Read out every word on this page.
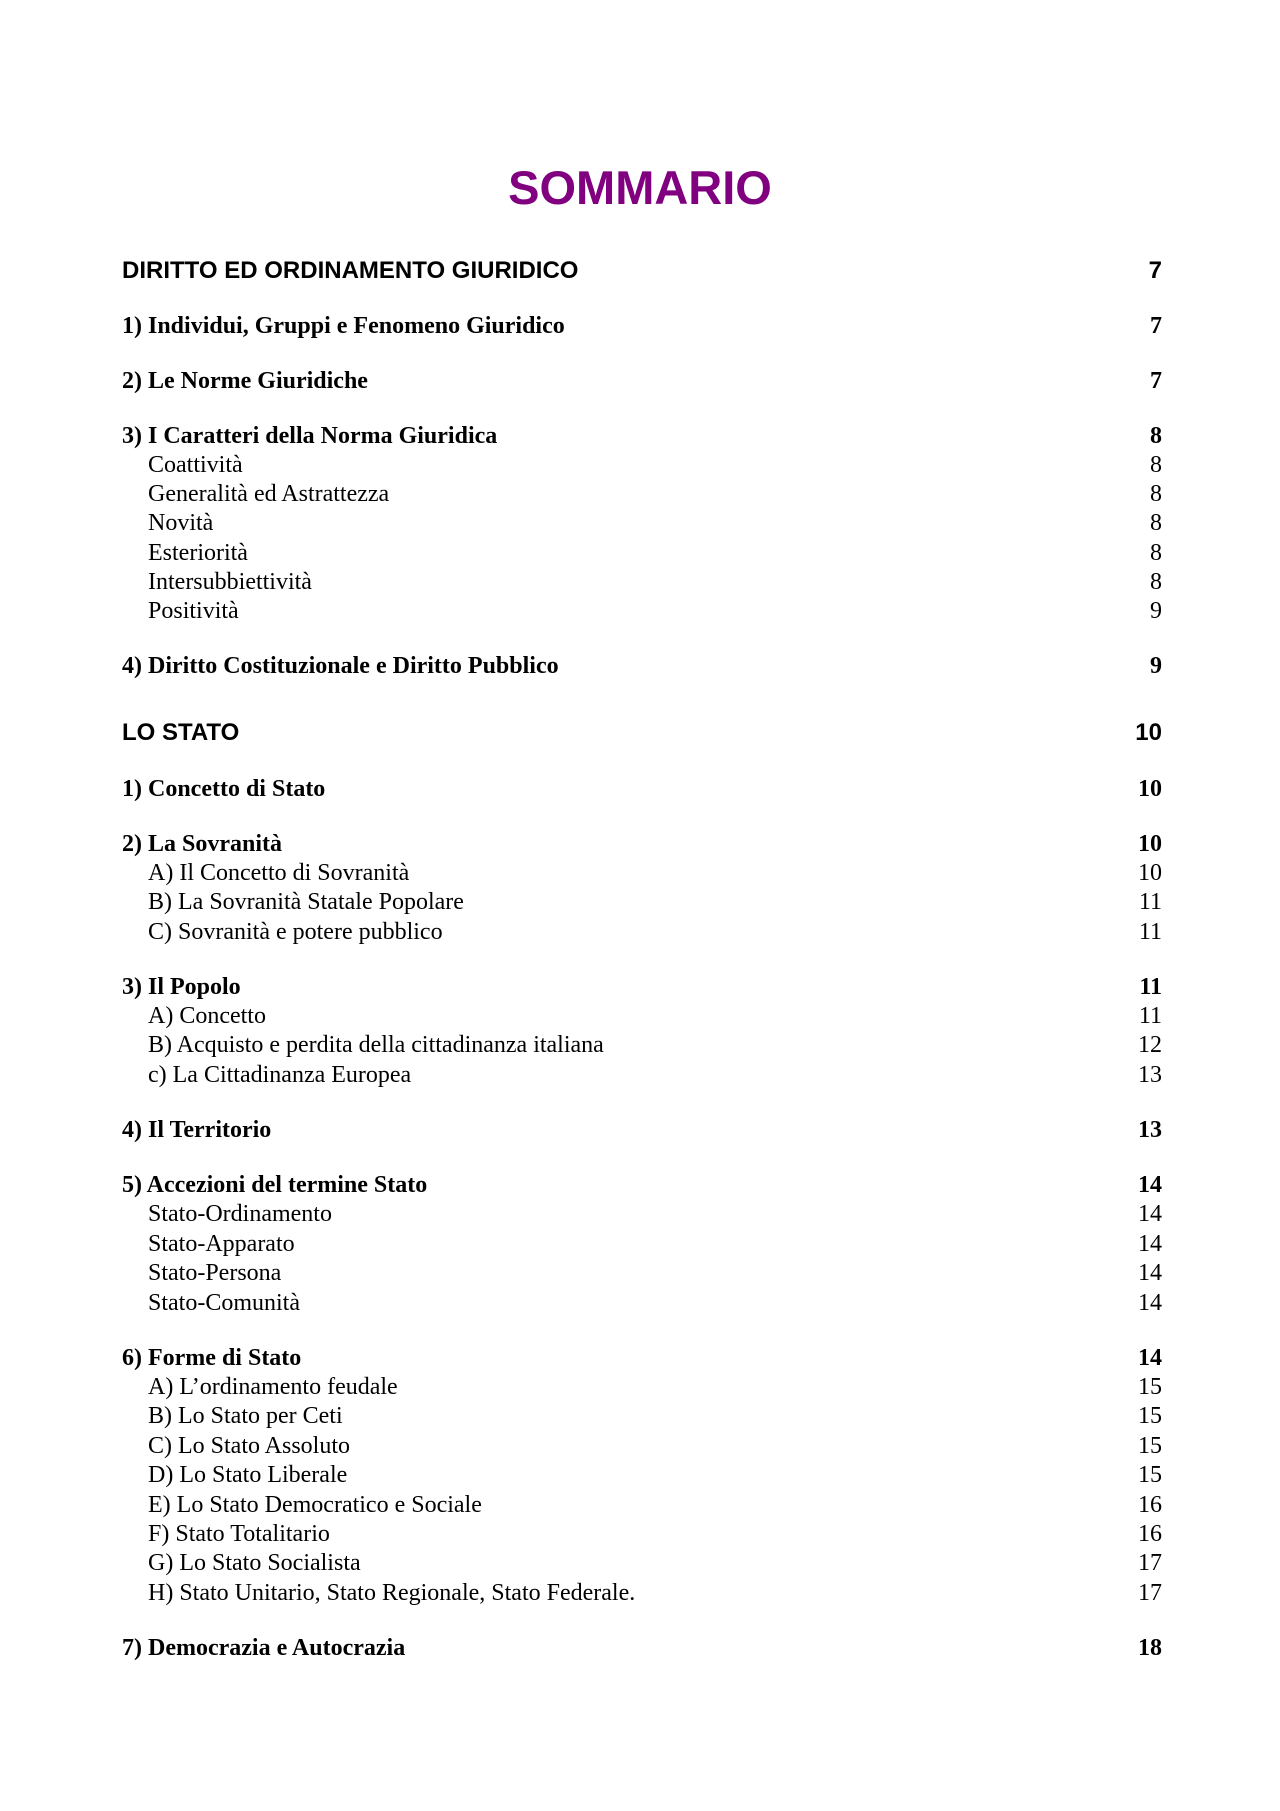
SOMMARIO
DIRITTO ED ORDINAMENTO GIURIDICO	7
1) Individui, Gruppi e Fenomeno Giuridico	7
2) Le Norme Giuridiche	7
3) I Caratteri della Norma Giuridica	8
Coattività	8
Generalità ed Astrattezza	8
Novità	8
Esteriorità	8
Intersubbiettività	8
Positività	9
4) Diritto Costituzionale e Diritto Pubblico	9
LO STATO	10
1) Concetto di Stato	10
2) La Sovranità	10
A) Il Concetto di Sovranità	10
B) La Sovranità Statale Popolare	11
C) Sovranità e potere pubblico	11
3) Il Popolo	11
A) Concetto	11
B) Acquisto e perdita della cittadinanza italiana	12
c) La Cittadinanza Europea	13
4) Il Territorio	13
5) Accezioni del termine Stato	14
Stato-Ordinamento	14
Stato-Apparato	14
Stato-Persona	14
Stato-Comunità	14
6) Forme di Stato	14
A) L’ordinamento feudale	15
B) Lo Stato per Ceti	15
C) Lo Stato Assoluto	15
D) Lo Stato Liberale	15
E) Lo Stato Democratico e Sociale	16
F) Stato Totalitario	16
G) Lo Stato Socialista	17
H) Stato Unitario, Stato Regionale, Stato Federale.	17
7) Democrazia e Autocrazia	18
